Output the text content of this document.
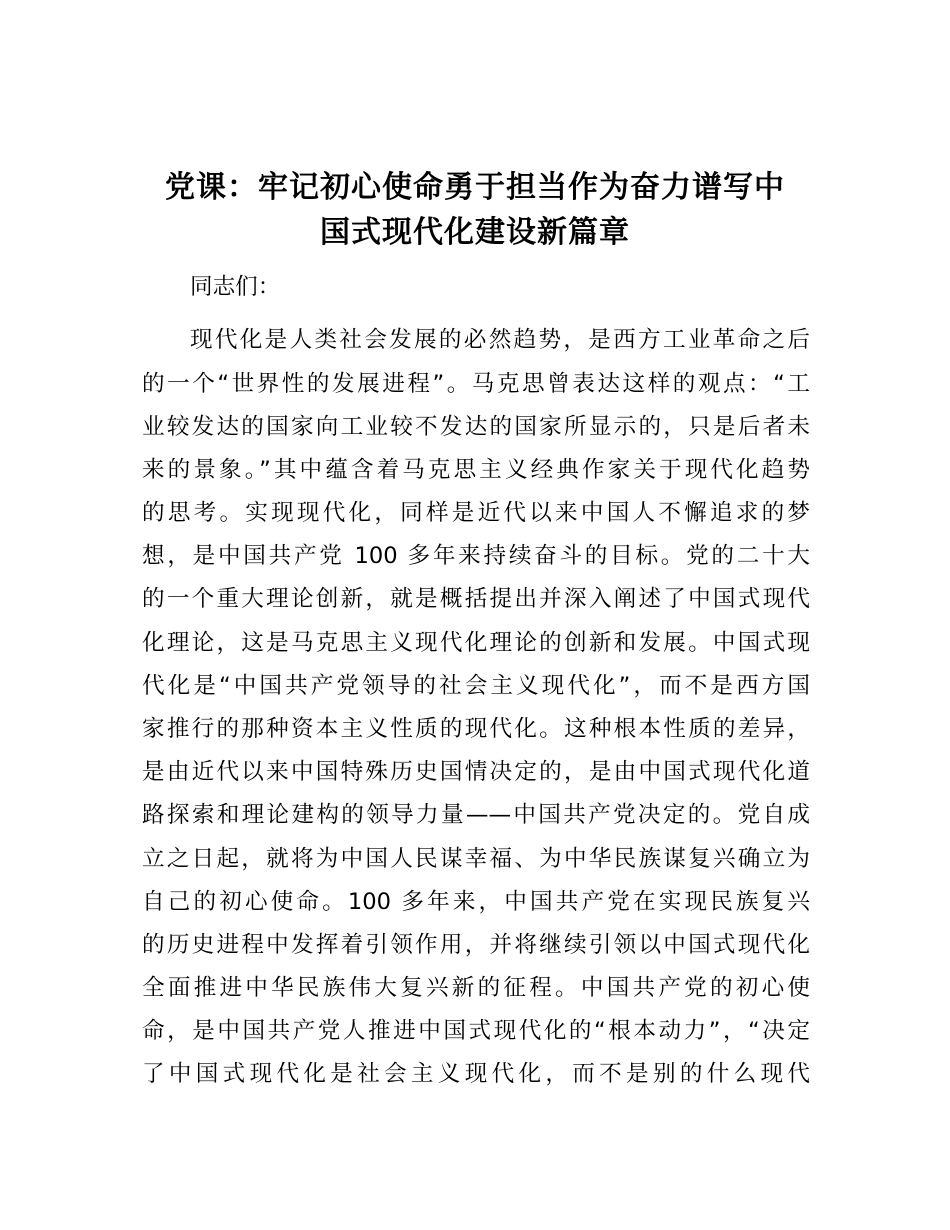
党课：牢记初心使命勇于担当作为奋力谱写中
国式现代化建设新篇章

同志们：

现代化是人类社会发展的必然趋势，是西方工业革命之后

的一个“世界性的发展进程”。马克思曾表达这样的观点：“工

业较发达的国家向工业较不发达的国家所显示的，只是后者未

来的景象。”其中蕴含着马克思主义经典作家关于现代化趋势

的思考。实现现代化，同样是近代以来中国人不懈追求的梦

想，是中国共产党 100 多年来持续奋斗的目标。党的二十大

的一个重大理论创新，就是概括提出并深入阐述了中国式现代

化理论，这是马克思主义现代化理论的创新和发展。中国式现

代化是“中国共产党领导的社会主义现代化”，而不是西方国

家推行的那种资本主义性质的现代化。这种根本性质的差异，

是由近代以来中国特殊历史国情决定的，是由中国式现代化道

路探索和理论建构的领导力量——中国共产党决定的。党自成

立之日起，就将为中国人民谋幸福、为中华民族谋复兴确立为

自己的初心使命。100 多年来，中国共产党在实现民族复兴

的历史进程中发挥着引领作用，并将继续引领以中国式现代化

全面推进中华民族伟大复兴新的征程。中国共产党的初心使

命，是中国共产党人推进中国式现代化的“根本动力”，“决定

了中国式现代化是社会主义现代化，而不是别的什么现代
